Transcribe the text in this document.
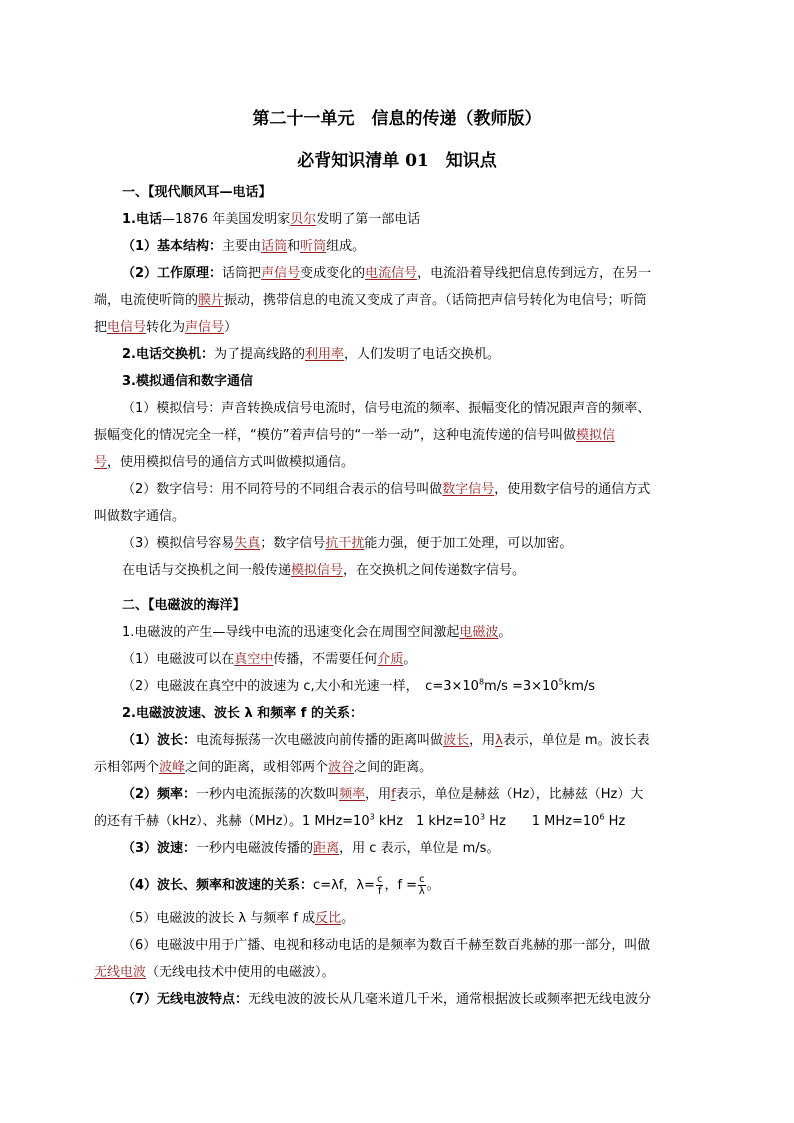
第二十一单元　信息的传递（教师版）
必背知识清单 01　知识点
一、【现代顺风耳—电话】
1.电话—1876 年美国发明家贝尔发明了第一部电话
（1）基本结构：主要由话筒和听筒组成。
（2）工作原理：话筒把声信号变成变化的电流信号，电流沿着导线把信息传到远方，在另一
端，电流使听筒的膜片振动，携带信息的电流又变成了声音。（话筒把声信号转化为电信号；听筒
把电信号转化为声信号）
2.电话交换机：为了提高线路的利用率，人们发明了电话交换机。
3.模拟通信和数字通信
（1）模拟信号：声音转换成信号电流时，信号电流的频率、振幅变化的情况跟声音的频率、
振幅变化的情况完全一样，“模仿”着声信号的“一举一动”，这种电流传递的信号叫做模拟信
号，使用模拟信号的通信方式叫做模拟通信。
（2）数字信号：用不同符号的不同组合表示的信号叫做数字信号，使用数字信号的通信方式
叫做数字通信。
（3）模拟信号容易失真；数字信号抗干扰能力强，便于加工处理，可以加密。
在电话与交换机之间一般传递模拟信号，在交换机之间传递数字信号。
二、【电磁波的海洋】
1.电磁波的产生—导线中电流的迅速变化会在周围空间激起电磁波。
（1）电磁波可以在真空中传播，不需要任何介质。
（2）电磁波在真空中的波速为 c,大小和光速一样，　$c=3\times 10^8m/s =3\times 10^5km/s$
2.电磁波波速、波长 λ 和频率 f 的关系：
（1）波长：电流每振荡一次电磁波向前传播的距离叫做波长，用λ表示，单位是 m。波长表
示相邻两个波峰之间的距离，或相邻两个波谷之间的距离。
（2）频率：一秒内电流振荡的次数叫频率，用f表示，单位是赫兹（Hz），比赫兹（Hz）大
的还有千赫（kHz）、兆赫（MHz）。1 $MHz=10^3$ kHz　1 $kHz=10^3$ Hz　　1 $MHz=10^6$ Hz
（3）波速：一秒内电磁波传播的距离，用 c 表示，单位是 m/s。
（4）波长、频率和波速的关系：c=λf，$\lambda= \frac{c}{f}$ ，$f = \frac{c}{\lambda}$ 。
（5）电磁波的波长 λ 与频率 f 成反比。
（6）电磁波中用于广播、电视和移动电话的是频率为数百千赫至数百兆赫的那一部分，叫做
无线电波（无线电技术中使用的电磁波）。
（7）无线电波特点：无线电波的波长从几毫米道几千米，通常根据波长或频率把无线电波分
